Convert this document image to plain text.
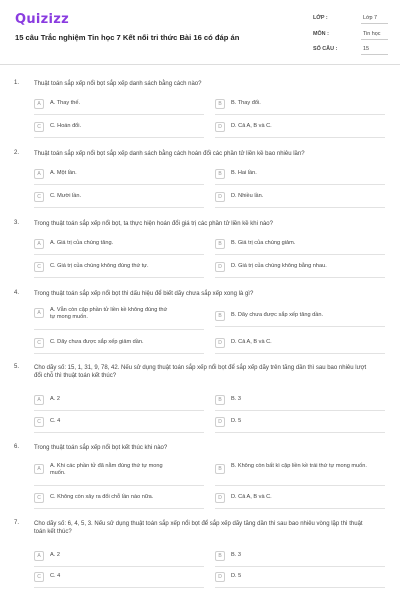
Quizizz
15 câu Trắc nghiệm Tin học 7 Kết nối tri thức Bài 16 có đáp án
LỚP :	Lớp 7
MÔN :	Tin học
SỐ CÂU :	15
1. Thuật toán sắp xếp nổi bọt sắp xếp danh sách bằng cách nào?
A	A. Thay thế.	B	B. Thay đổi.
C	C. Hoán đổi.	D	D. Cả A, B và C.
2. Thuật toán sắp xếp nổi bọt sắp xếp danh sách bằng cách hoán đổi các phần tử liền kề bao nhiêu lần?
A	A. Một lần.	B	B. Hai lần.
C	C. Mười lần.	D	D. Nhiều lần.
3. Trong thuật toán sắp xếp nổi bọt, ta thực hiện hoán đổi giá trị các phần tử liền kề khi nào?
A	A. Giá trị của chúng tăng.	B	B. Giá trị của chúng giảm.
C	C. Giá trị của chúng không đúng thứ tự.	D	D. Giá trị của chúng không bằng nhau.
4. Trong thuật toán sắp xếp nổi bọt thì dấu hiệu để biết dãy chưa sắp xếp xong là gì?
A	A. Vẫn còn cặp phần tử liền kề không đúng thứ tự mong muốn.	B	B. Dãy chưa được sắp xếp tăng dần.
C	C. Dãy chưa được sắp xếp giảm dần.	D	D. Cả A, B và C.
5. Cho dãy số: 15, 1, 31, 9, 78, 42. Nếu sử dụng thuật toán sắp xếp nổi bọt để sắp xếp dãy trên tăng dần thì sau bao nhiêu lượt đổi chỗ thì thuật toán kết thúc?
A	A. 2	B	B. 3
C	C. 4	D	D. 5
6. Trong thuật toán sắp xếp nổi bọt kết thúc khi nào?
A	A. Khi các phần tử đã nằm đúng thứ tự mong muốn.
B	B. Không còn bất kì cặp liền kề trái thứ tự mong muốn.
C	C. Không còn xảy ra đổi chỗ lần nào nữa.	D	D. Cả A, B và C.
7. Cho dãy số: 6, 4, 5, 3. Nếu sử dụng thuật toán sắp xếp nổi bọt để sắp xếp dãy tăng dần thì sau bao nhiêu vòng lặp thì thuật toán kết thúc?
A	A. 2	B	B. 3
C	C. 4	D	D. 5
